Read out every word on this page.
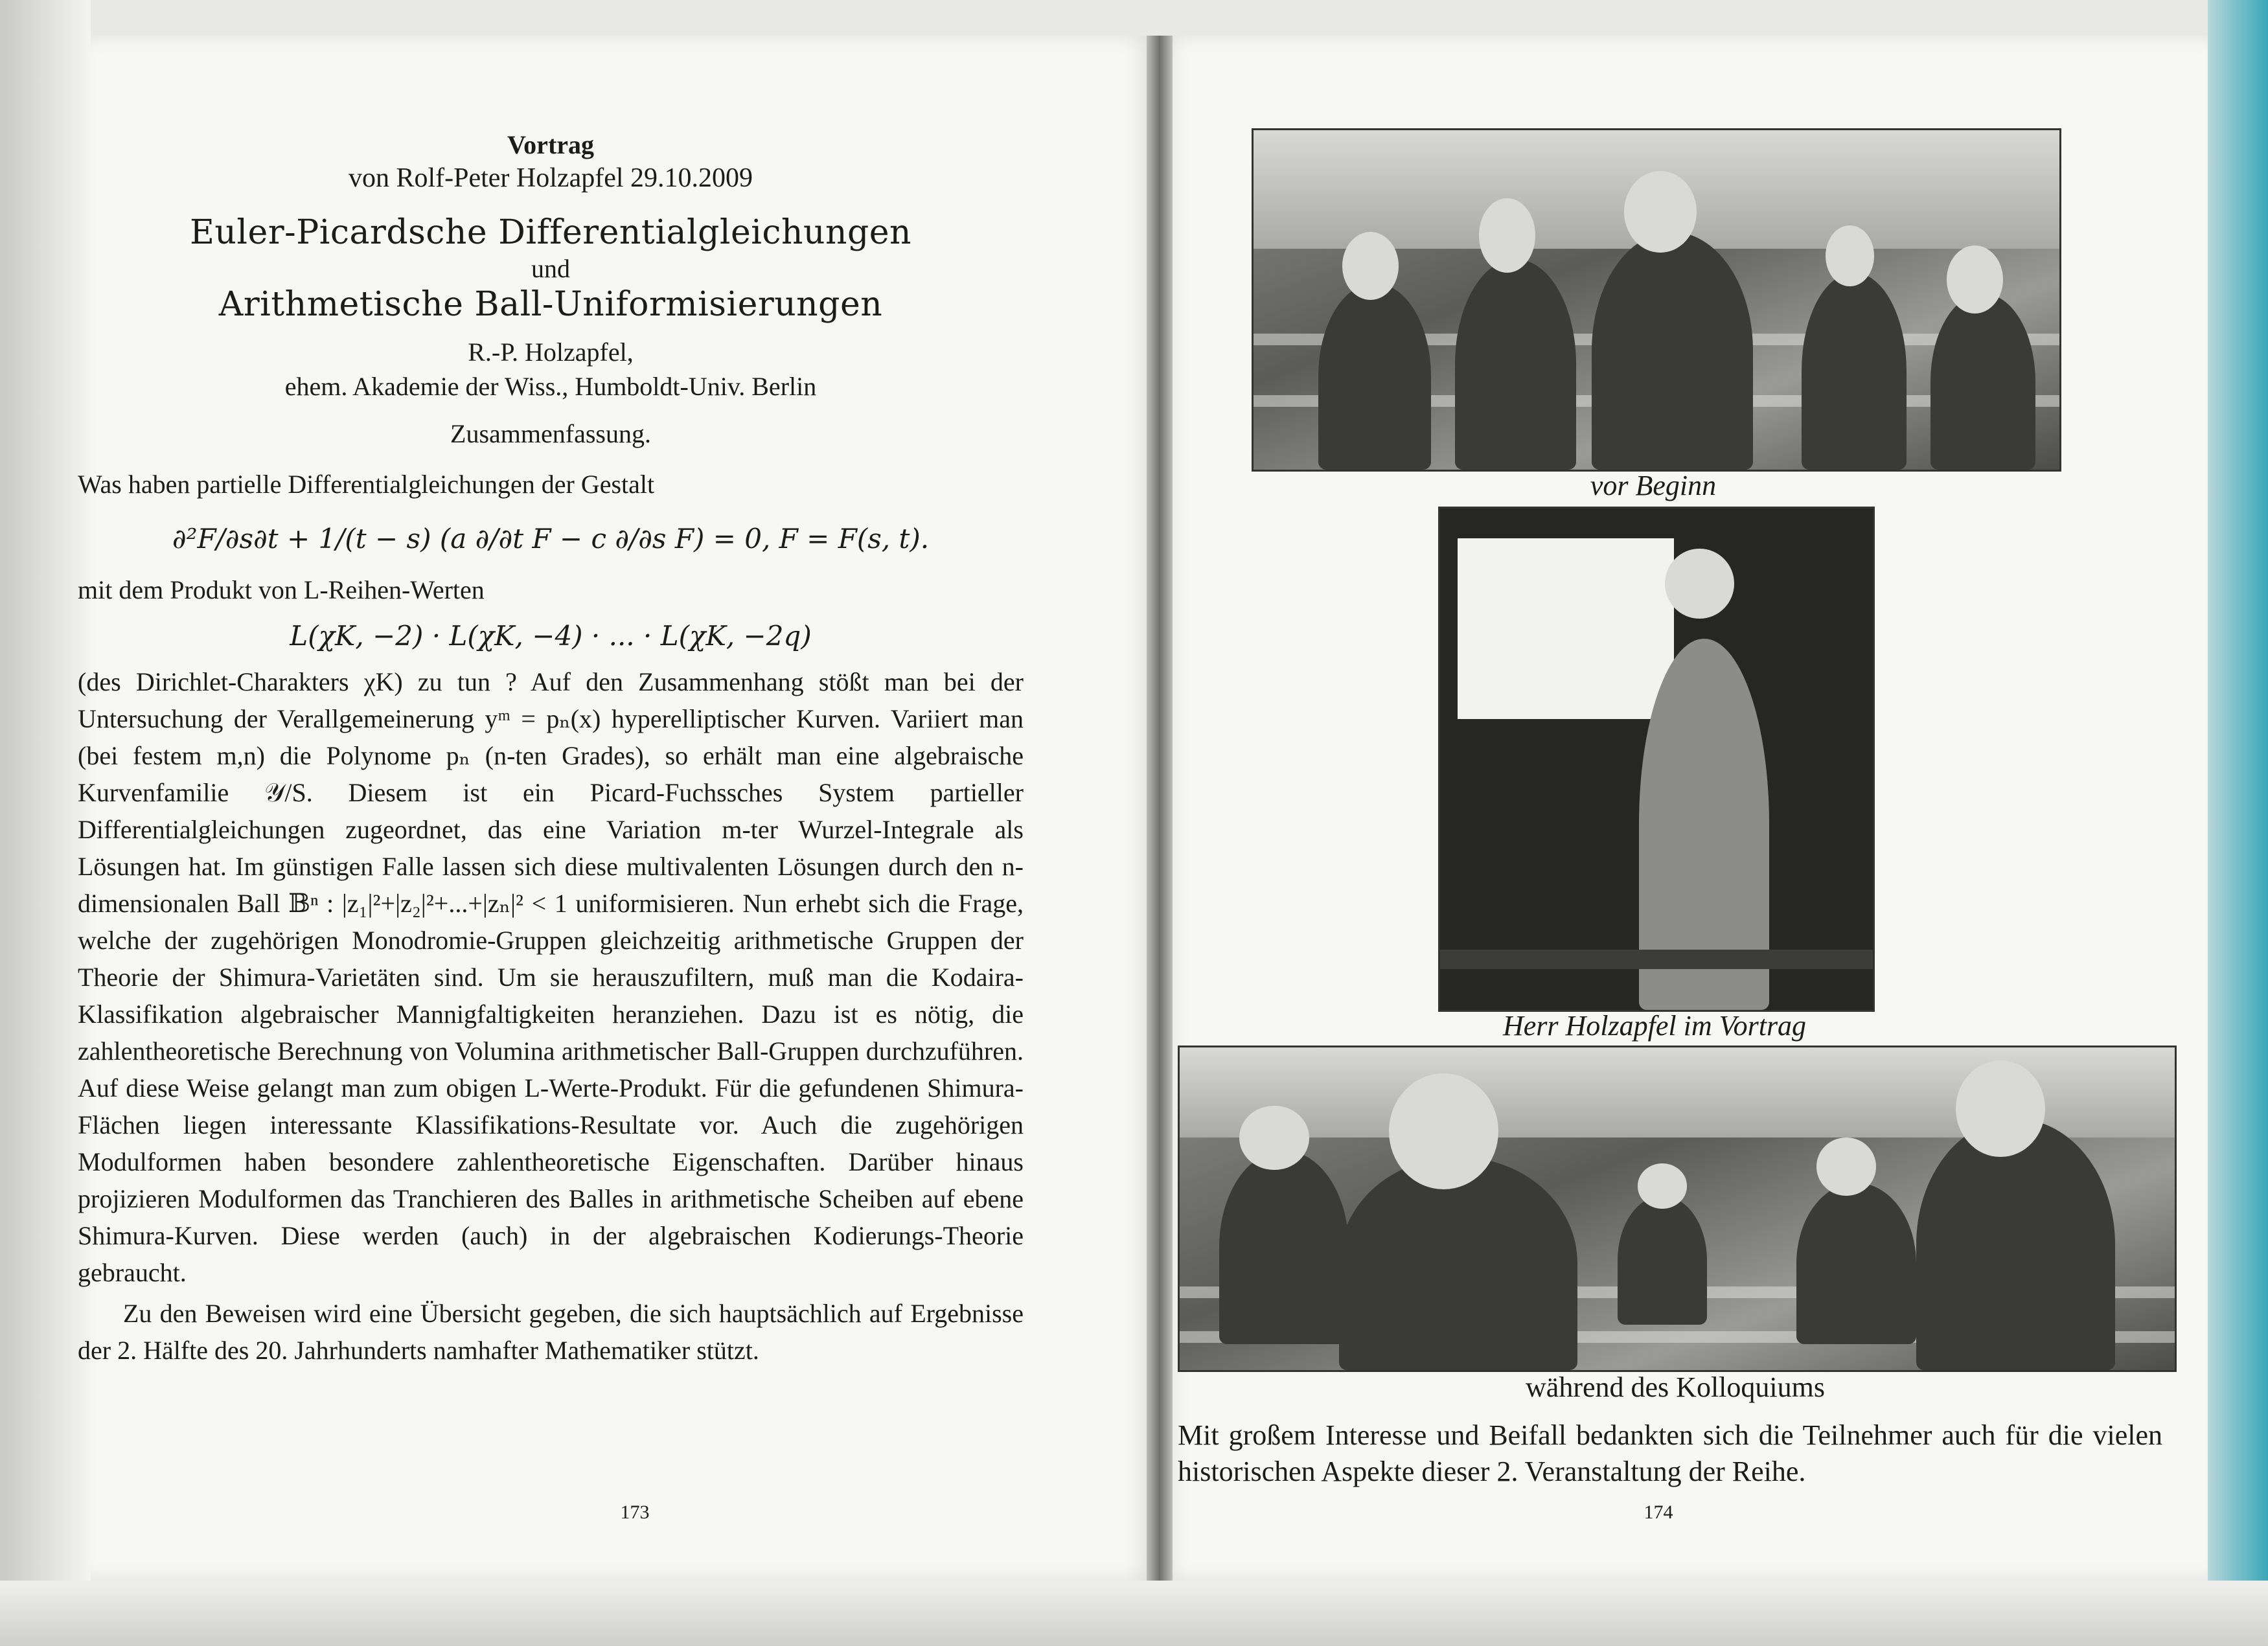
Vortrag
von Rolf-Peter Holzapfel 29.10.2009
Euler-Picardsche Differentialgleichungen
und
Arithmetische Ball-Uniformisierungen
R.-P. Holzapfel,
ehem. Akademie der Wiss., Humboldt-Univ. Berlin
Zusammenfassung.

Was haben partielle Differentialgleichungen der Gestalt

∂²F/∂s∂t + 1/(t − s) (a ∂/∂t F − c ∂/∂s F) = 0, F = F(s, t).

mit dem Produkt von L-Reihen-Werten

L(χK, −2) · L(χK, −4) · ... · L(χK, −2q)

(des Dirichlet-Charakters χK) zu tun ? Auf den Zusammenhang stößt man bei der Untersuchung der Verallgemeinerung yᵐ = pₙ(x) hyperelliptischer Kurven. Variiert man (bei festem m,n) die Polynome pₙ (n-ten Grades), so erhält man eine algebraische Kurvenfamilie 𝒴/S. Diesem ist ein Picard-Fuchssches System partieller Differentialgleichungen zugeordnet, das eine Variation m-ter Wurzel-Integrale als Lösungen hat. Im günstigen Falle lassen sich diese multivalenten Lösungen durch den n-dimensionalen Ball 𝔹ⁿ : |z₁|²+|z₂|²+...+|zₙ|² < 1 uniformisieren. Nun erhebt sich die Frage, welche der zugehörigen Monodromie-Gruppen gleichzeitig arithmetische Gruppen der Theorie der Shimura-Varietäten sind. Um sie herauszufiltern, muß man die Kodaira-Klassifikation algebraischer Mannigfaltigkeiten heranziehen. Dazu ist es nötig, die zahlentheoretische Berechnung von Volumina arithmetischer Ball-Gruppen durchzuführen. Auf diese Weise gelangt man zum obigen L-Werte-Produkt. Für die gefundenen Shimura-Flächen liegen interessante Klassifikations-Resultate vor. Auch die zugehörigen Modulformen haben besondere zahlentheoretische Eigenschaften. Darüber hinaus projizieren Modulformen das Tranchieren des Balles in arithmetische Scheiben auf ebene Shimura-Kurven. Diese werden (auch) in der algebraischen Kodierungs-Theorie gebraucht.

Zu den Beweisen wird eine Übersicht gegeben, die sich hauptsächlich auf Ergebnisse der 2. Hälfte des 20. Jahrhunderts namhafter Mathematiker stützt.

173
vor Beginn
Herr Holzapfel im Vortrag
während des Kolloquiums
Mit großem Interesse und Beifall bedankten sich die Teilnehmer auch für die vielen historischen Aspekte dieser 2. Veranstaltung der Reihe.
174
